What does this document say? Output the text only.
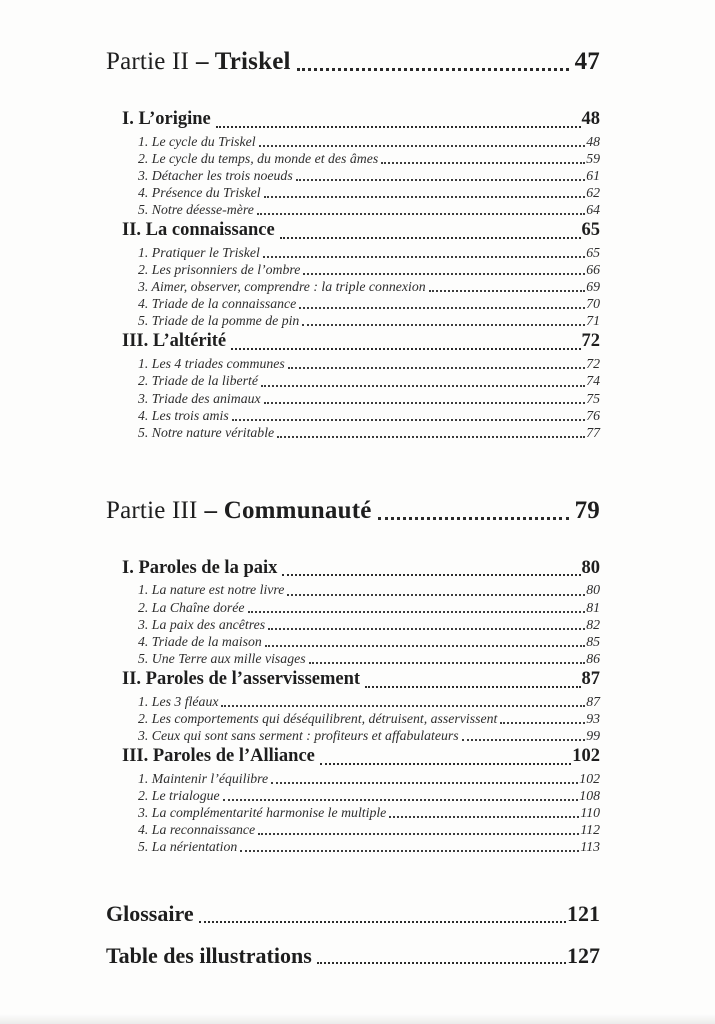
Partie II – Triskel	47
I. L’origine	48
1. Le cycle du Triskel	48
2. Le cycle du temps, du monde et des âmes	59
3. Détacher les trois noeuds	61
4. Présence du Triskel	62
5. Notre déesse-mère	64
II. La connaissance	65
1. Pratiquer le Triskel	65
2. Les prisonniers de l’ombre	66
3. Aimer, observer, comprendre : la triple connexion	69
4. Triade de la connaissance	70
5. Triade de la pomme de pin	71
III. L’altérité	72
1. Les 4 triades communes	72
2. Triade de la liberté	74
3. Triade des animaux	75
4. Les trois amis	76
5. Notre nature véritable	77
Partie III – Communauté	79
I. Paroles de la paix	80
1. La nature est notre livre	80
2. La Chaîne dorée	81
3. La paix des ancêtres	82
4. Triade de la maison	85
5. Une Terre aux mille visages	86
II. Paroles de l’asservissement	87
1. Les 3 fléaux	87
2. Les comportements qui déséquilibrent, détruisent, asservissent	93
3. Ceux qui sont sans serment : profiteurs et affabulateurs	99
III. Paroles de l’Alliance	102
1. Maintenir l’équilibre	102
2. Le trialogue	108
3. La complémentarité harmonise le multiple	110
4. La reconnaissance	112
5. La nérientation	113
Glossaire	121
Table des illustrations	127
